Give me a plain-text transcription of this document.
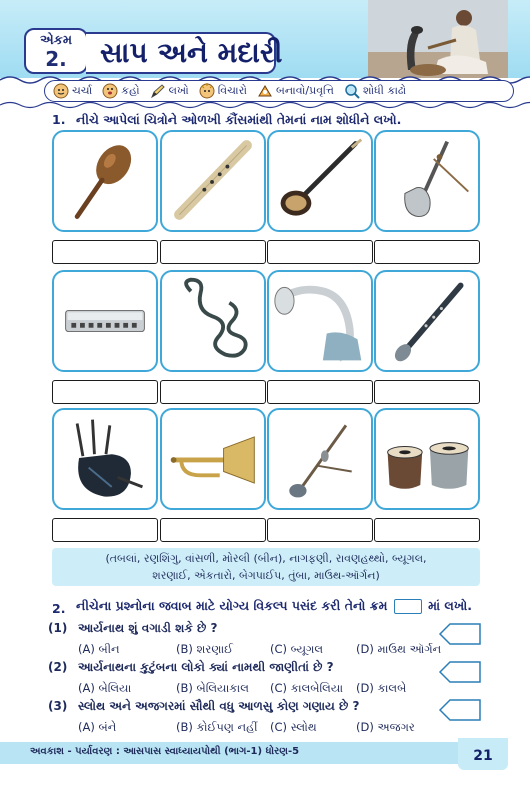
એકમ
2.	સાપ અને મદારી
ચર્ચા	કહો	લખો	વિચારો	બનાવો/પ્રવૃત્તિ	શોધી કાઢો
1. નીચે આપેલાં ચિત્રોને ઓળખી કૌંસમાંથી તેમનાં નામ શોધીને લખો.
(તબલાં, રણશિંગુ, વાંસળી, મોરલી (બીન), નાગફણી, રાવણહથ્થો, બ્યૂગલ,
શરણાઈ, એકતારો, બેગપાઈપ, તુંબા, માઉથ-ઑર્ગન)
2. નીચેના પ્રશ્નોના જવાબ માટે યોગ્ય વિકલ્પ પસંદ કરી તેનો ક્રમ	માં લખો.
(1) આર્યનાથ શું વગાડી શકે છે ?
(A) બીન	(B) શરણાઈ	(C) બ્યૂગલ	(D) માઉથ ઑર્ગન
(2) આર્યનાથના કુટુંબના લોકો ક્યાં નામથી જાણીતાં છે ?
(A) બેલિયા	(B) બેલિયાકાલ (C) કાલબેલિયા (D) કાલબે
(3) સ્લોથ અને અજગરમાં સૌથી વધુ આળસુ કોણ ગણાય છે ?
(A) બંને	(B) કોઈપણ નહીં (C) સ્લોથ	(D) અજગર
અવકાશ - પર્યાવરણ : આસપાસ સ્વાધ્યાયપોથી (ભાગ-1) ધોરણ-5	21
